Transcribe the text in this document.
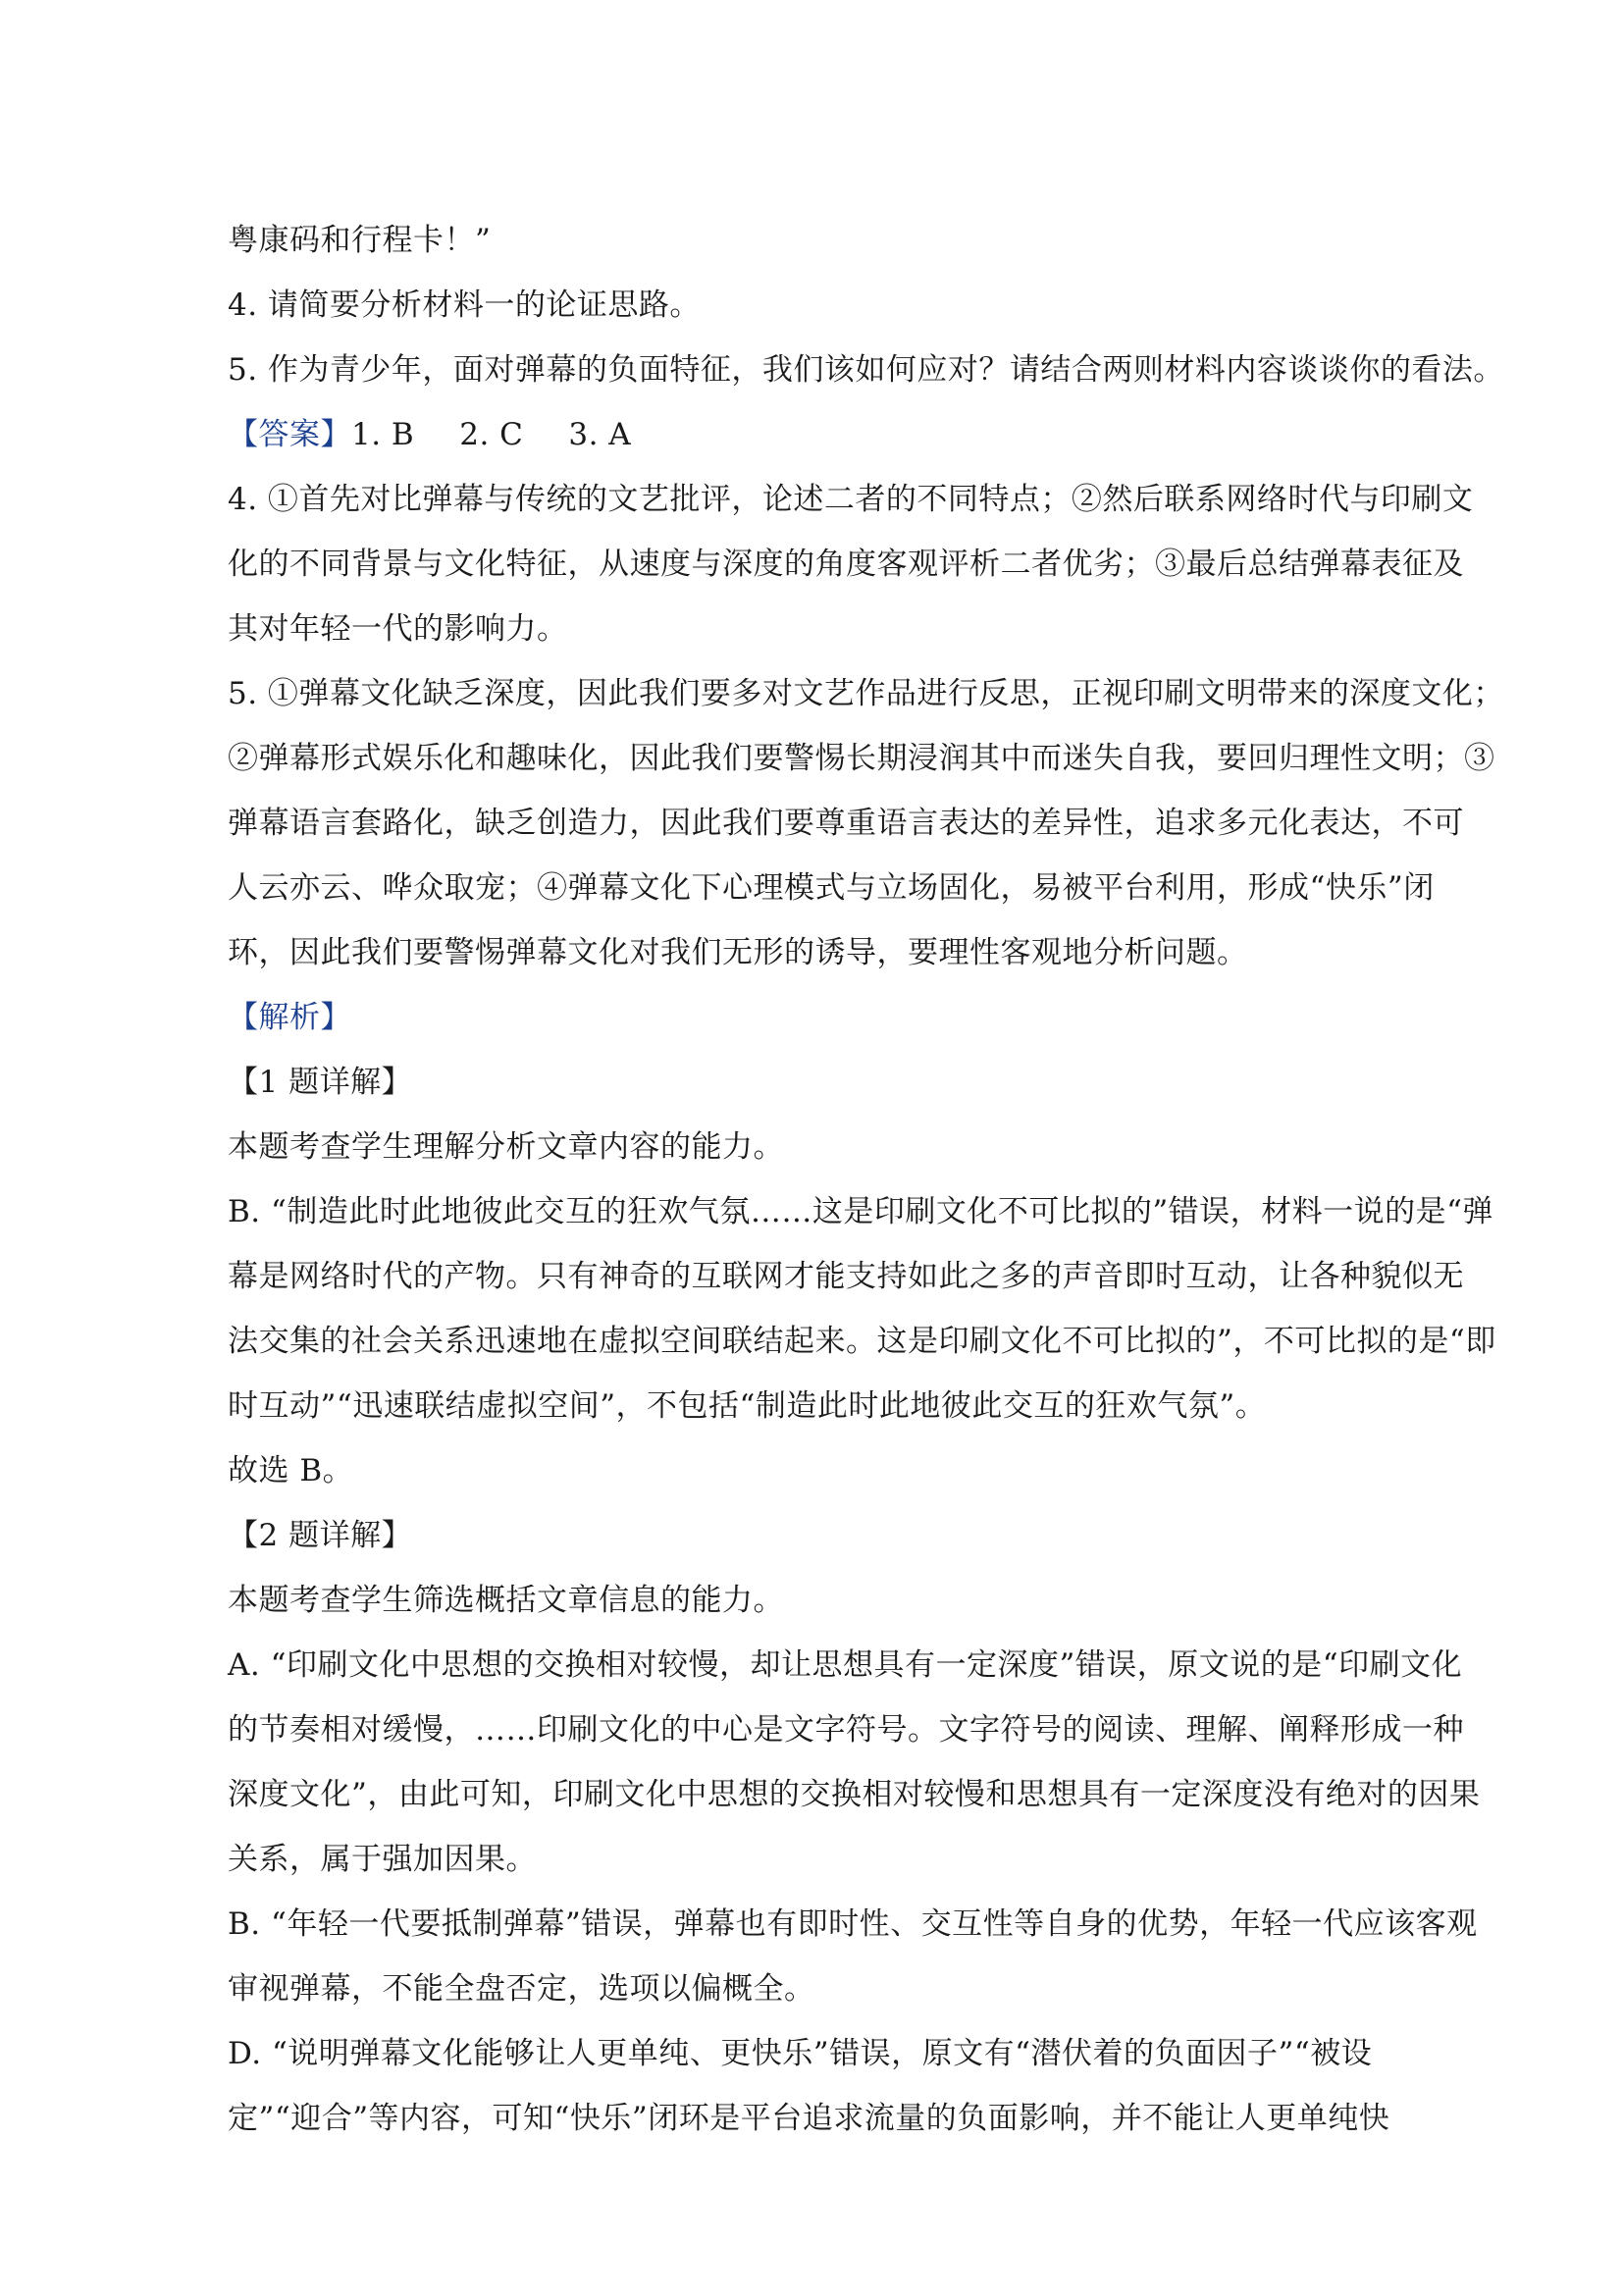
粤康码和行程卡！”
4. 请简要分析材料一的论证思路。
5. 作为青少年，面对弹幕的负面特征，我们该如何应对？请结合两则材料内容谈谈你的看法。
【答案】1. B 2. C 3. A
4. ①首先对比弹幕与传统的文艺批评，论述二者的不同特点；②然后联系网络时代与印刷文
化的不同背景与文化特征，从速度与深度的角度客观评析二者优劣；③最后总结弹幕表征及
其对年轻一代的影响力。
5. ①弹幕文化缺乏深度，因此我们要多对文艺作品进行反思，正视印刷文明带来的深度文化；
②弹幕形式娱乐化和趣味化，因此我们要警惕长期浸润其中而迷失自我，要回归理性文明；③
弹幕语言套路化，缺乏创造力，因此我们要尊重语言表达的差异性，追求多元化表达，不可
人云亦云、哗众取宠；④弹幕文化下心理模式与立场固化，易被平台利用，形成“快乐”闭
环，因此我们要警惕弹幕文化对我们无形的诱导，要理性客观地分析问题。
【解析】
【1 题详解】
本题考查学生理解分析文章内容的能力。
B. “制造此时此地彼此交互的狂欢气氛……这是印刷文化不可比拟的”错误，材料一说的是“弹
幕是网络时代的产物。只有神奇的互联网才能支持如此之多的声音即时互动，让各种貌似无
法交集的社会关系迅速地在虚拟空间联结起来。这是印刷文化不可比拟的”，不可比拟的是“即
时互动”“迅速联结虚拟空间”，不包括“制造此时此地彼此交互的狂欢气氛”。
故选 B。
【2 题详解】
本题考查学生筛选概括文章信息的能力。
A. “印刷文化中思想的交换相对较慢，却让思想具有一定深度”错误，原文说的是“印刷文化
的节奏相对缓慢，……印刷文化的中心是文字符号。文字符号的阅读、理解、阐释形成一种
深度文化”，由此可知，印刷文化中思想的交换相对较慢和思想具有一定深度没有绝对的因果
关系，属于强加因果。
B. “年轻一代要抵制弹幕”错误，弹幕也有即时性、交互性等自身的优势，年轻一代应该客观
审视弹幕，不能全盘否定，选项以偏概全。
D. “说明弹幕文化能够让人更单纯、更快乐”错误，原文有“潜伏着的负面因子”“被设
定”“迎合”等内容，可知“快乐”闭环是平台追求流量的负面影响，并不能让人更单纯快
